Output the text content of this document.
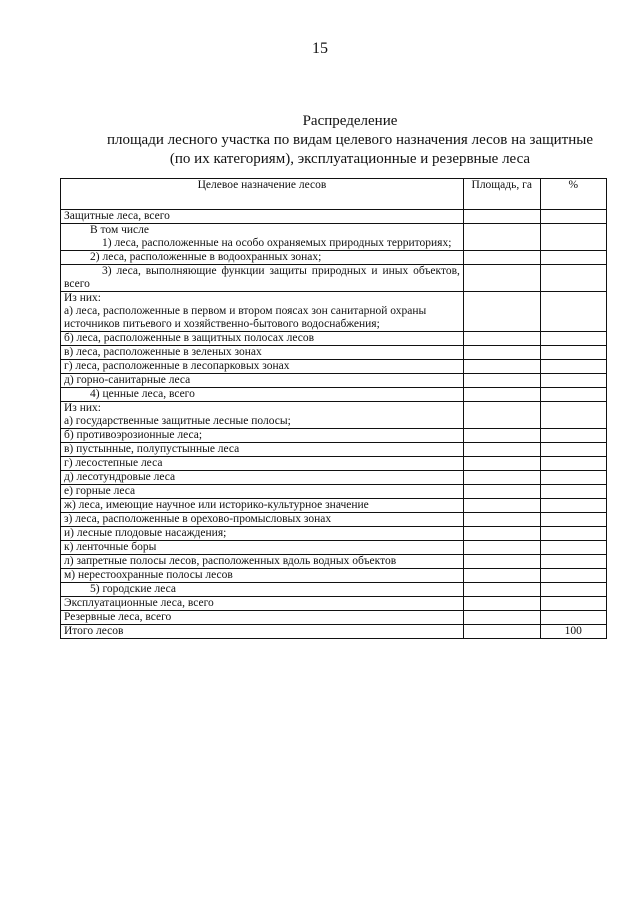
15
Распределение
площади лесного участка по видам целевого назначения лесов на защитные
(по их категориям), эксплуатационные и резервные леса
Целевое назначение лесов	Площадь, га	%

Защитные леса, всего		

В том числе
1) леса, расположенные на особо охраняемых природных территориях;		

2) леса, расположенные в водоохранных зонах;		

3) леса, выполняющие функции защиты природных и иных объектов, всего		

Из них:
а) леса, расположенные в первом и втором поясах зон санитарной охраны источников питьевого и хозяйственно-бытового водоснабжения;		

б) леса, расположенные в защитных полосах лесов		

в) леса, расположенные в зеленых зонах		

г) леса, расположенные в лесопарковых зонах		

д) горно-санитарные леса		

4) ценные леса, всего		

Из них:
а) государственные защитные лесные полосы;		

б) противоэрозионные леса;		

в) пустынные, полупустынные леса		

г) лесостепные леса		

д) лесотундровые леса		

е) горные леса		

ж) леса, имеющие научное или историко-культурное значение		

з) леса, расположенные в орехово-промысловых зонах		

и) лесные плодовые насаждения;		

к) ленточные боры		

л) запретные полосы лесов, расположенных вдоль водных объектов		

м) нерестоохранные полосы лесов		

5) городские леса		

Эксплуатационные леса, всего		

Резервные леса, всего		

Итого лесов		100
